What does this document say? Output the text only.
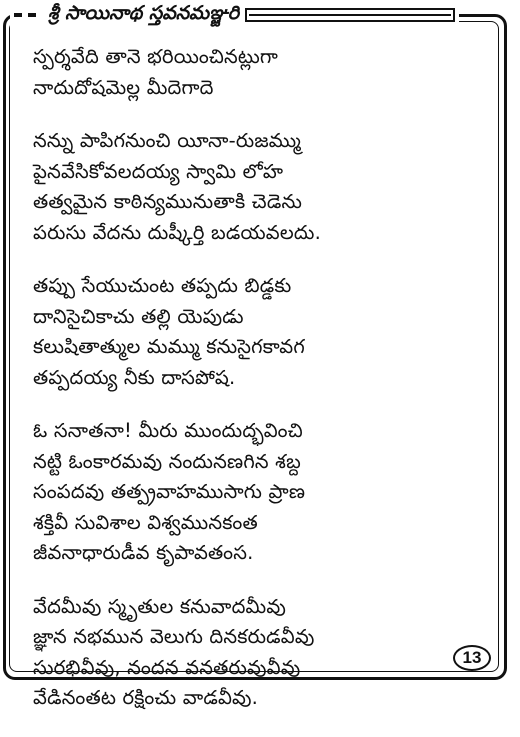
శ్రీ సాయినాథ స్తవనమఞ్జరి
స్పర్శవేది తానె భరియించినట్లుగా
నాదుదోషమెల్ల మీదెగాదె
నన్ను పాపిగనుంచి యీనా-రుజమ్ము
పైనవేసికోవలదయ్య స్వామి లోహ
తత్వమైన కాఠిన్యమునుతాకి చెడెను
పరుసు వేదను దుష్కీర్తి బడయవలదు.
తప్పు సేయుచుంట తప్పదు బిడ్డకు
దానిసైచికాచు తల్లి యెపుడు
కలుషితాత్ముల మమ్ము కనుసైగకావగ
తప్పదయ్య నీకు దాసపోష.
ఓ సనాతనా! మీరు ముందుద్భవించి
నట్టి ఓంకారమవు నందునణగిన శబ్ద
సంపదవు తత్ప్రవాహముసాగు ప్రాణ
శక్తివీ సువిశాల విశ్వమునకంత
జీవనాధారుడీవ కృపావతంస.
వేదమీవు స్మృతుల కనువాదమీవు
జ్ఞాన నభమున వెలుగు దినకరుడవీవు
సురభివీవు, నందన వనతరువువీవు
వేడినంతట రక్షించు వాడవీవు.
13
